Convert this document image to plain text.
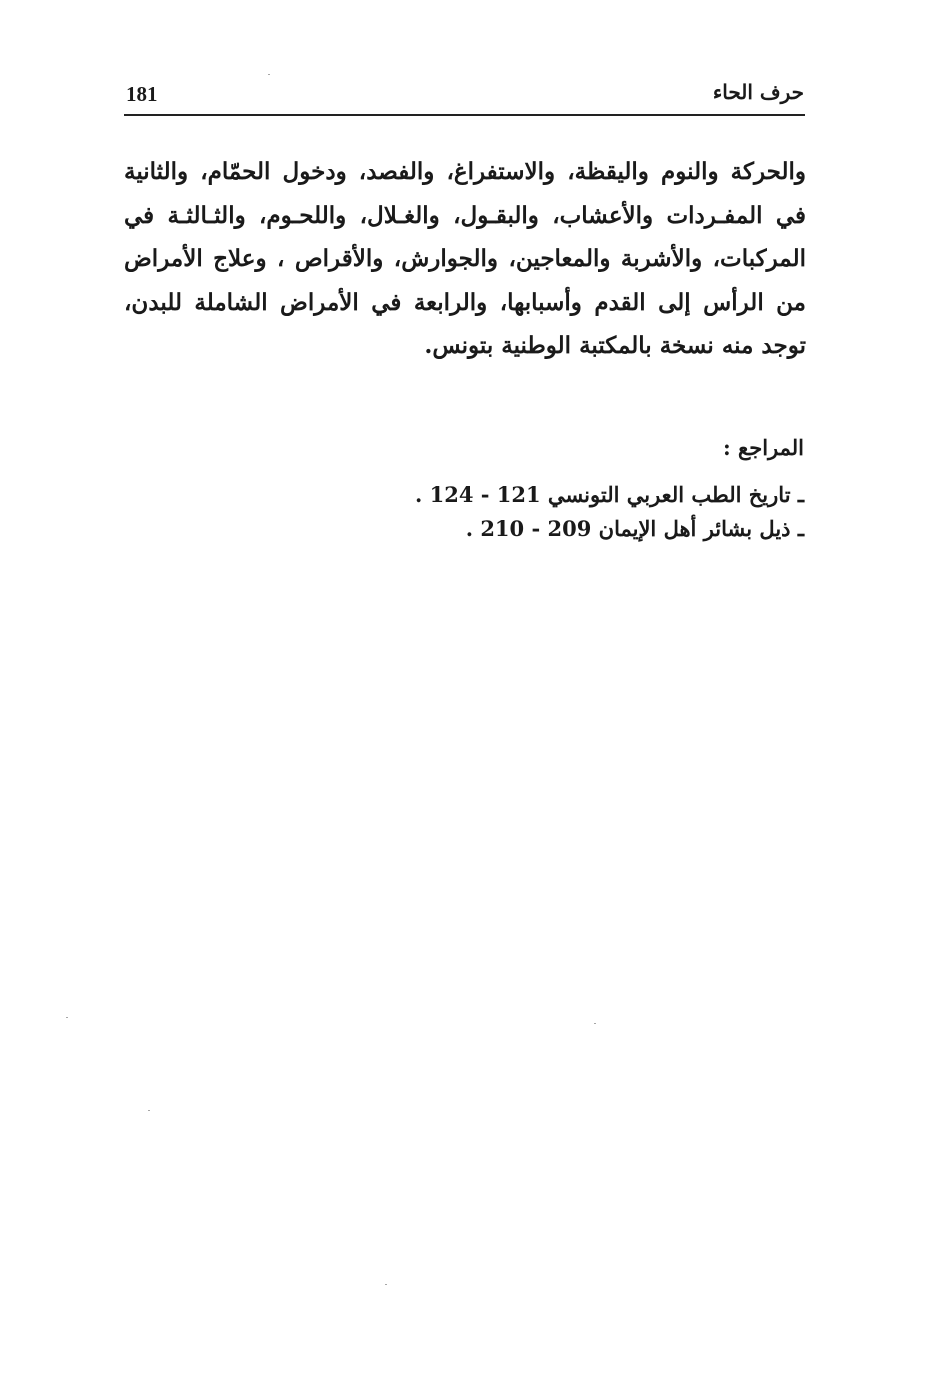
حرف الحاء
181

والحركة والنوم واليقظة، والاستفراغ، والفصد، ودخول الحمّام، والثانية في المفـردات والأعشاب، والبقـول، والغـلال، واللحـوم، والثـالثـة في المركبات، والأشربة والمعاجين، والجوارش، والأقراص ، وعلاج الأمراض من الرأس إلى القدم وأسبابها، والرابعة في الأمراض الشاملة للبدن، توجد منه نسخة بالمكتبة الوطنية بتونس.

المراجع :
ـ تاريخ الطب العربي التونسي 121 - 124 .
ـ ذيل بشائر أهل الإيمان 209 - 210 .
